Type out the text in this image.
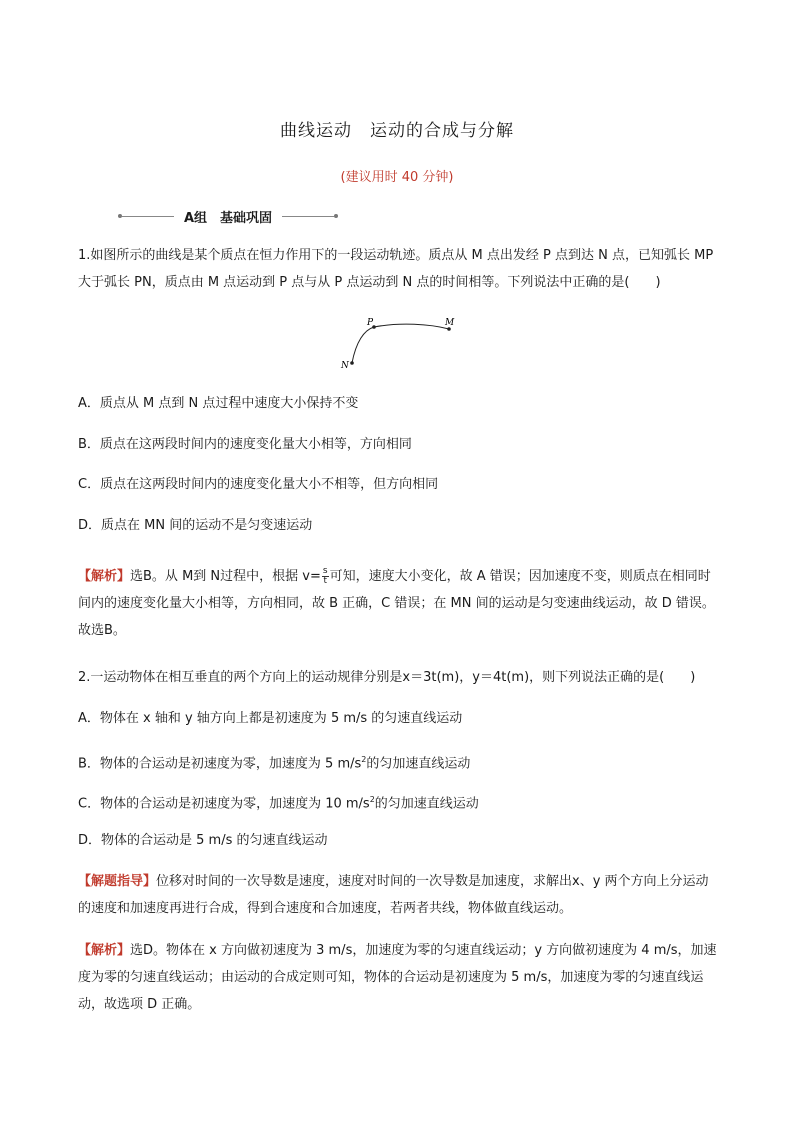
曲线运动　运动的合成与分解
(建议用时 40 分钟)
A组　基础巩固
1.如图所示的曲线是某个质点在恒力作用下的一段运动轨迹。质点从 M 点出发经 P 点到达 N 点，已知弧长 MP 大于弧长 PN，质点由 M 点运动到 P 点与从 P 点运动到 N 点的时间相等。下列说法中正确的是(　　)
P	M
N
A．质点从 M 点到 N 点过程中速度大小保持不变
B．质点在这两段时间内的速度变化量大小相等，方向相同
C．质点在这两段时间内的速度变化量大小不相等，但方向相同
D．质点在 MN 间的运动不是匀变速运动
【解析】选B。从 M到 N过程中，根据 $v= \frac{s}{t}$ 可知，速度大小变化，故 A 错误；因加速度不变，则质点在相同时间内的速度变化量大小相等，方向相同，故 B 正确，C 错误；在 MN 间的运动是匀变速曲线运动，故 D 错误。故选B。
2.一运动物体在相互垂直的两个方向上的运动规律分别是x＝3t(m)，y＝4t(m)，则下列说法正确的是(　　)
A．物体在 x 轴和 y 轴方向上都是初速度为 5 m/s 的匀速直线运动
B．物体的合运动是初速度为零，加速度为 5 $m/s^2$的匀加速直线运动
C．物体的合运动是初速度为零，加速度为 10 $m/s^2$的匀加速直线运动
D．物体的合运动是 5 m/s 的匀速直线运动
【解题指导】位移对时间的一次导数是速度，速度对时间的一次导数是加速度，求解出x、y 两个方向上分运动的速度和加速度再进行合成，得到合速度和合加速度，若两者共线，物体做直线运动。
【解析】选D。物体在 x 方向做初速度为 3 m/s，加速度为零的匀速直线运动；y 方向做初速度为 4 m/s，加速度为零的匀速直线运动；由运动的合成定则可知，物体的合运动是初速度为 5 m/s，加速度为零的匀速直线运动，故选项 D 正确。
